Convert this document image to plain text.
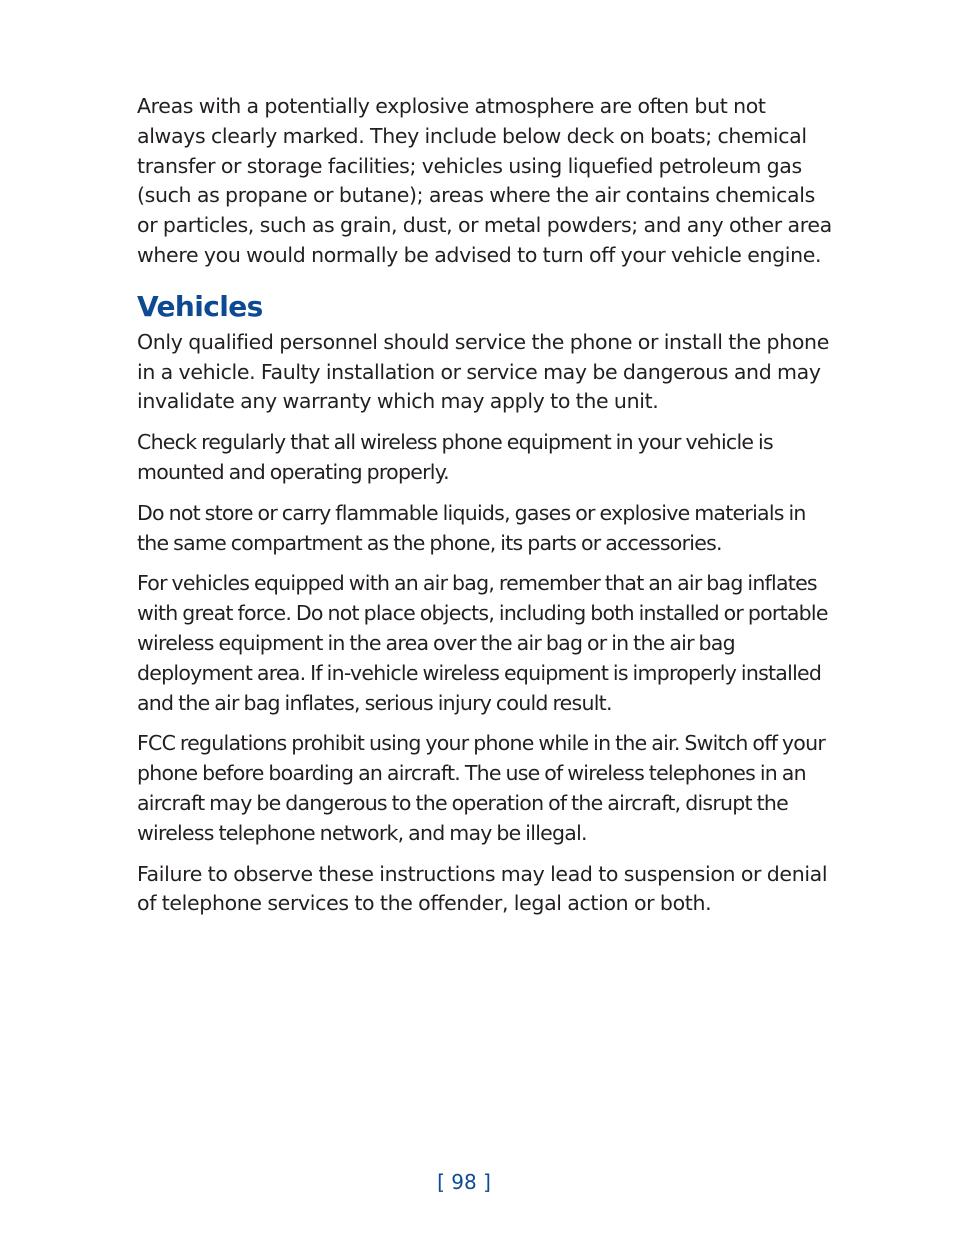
Areas with a potentially explosive atmosphere are often but not always clearly marked. They include below deck on boats; chemical transfer or storage facilities; vehicles using liquefied petroleum gas (such as propane or butane); areas where the air contains chemicals or particles, such as grain, dust, or metal powders; and any other area where you would normally be advised to turn off your vehicle engine.

Vehicles

Only qualified personnel should service the phone or install the phone in a vehicle. Faulty installation or service may be dangerous and may invalidate any warranty which may apply to the unit.

Check regularly that all wireless phone equipment in your vehicle is mounted and operating properly.

Do not store or carry flammable liquids, gases or explosive materials in the same compartment as the phone, its parts or accessories.

For vehicles equipped with an air bag, remember that an air bag inflates with great force. Do not place objects, including both installed or portable wireless equipment in the area over the air bag or in the air bag deployment area. If in-vehicle wireless equipment is improperly installed and the air bag inflates, serious injury could result.

FCC regulations prohibit using your phone while in the air. Switch off your phone before boarding an aircraft. The use of wireless telephones in an aircraft may be dangerous to the operation of the aircraft, disrupt the wireless telephone network, and may be illegal.

Failure to observe these instructions may lead to suspension or denial of telephone services to the offender, legal action or both.

[ 98 ]
